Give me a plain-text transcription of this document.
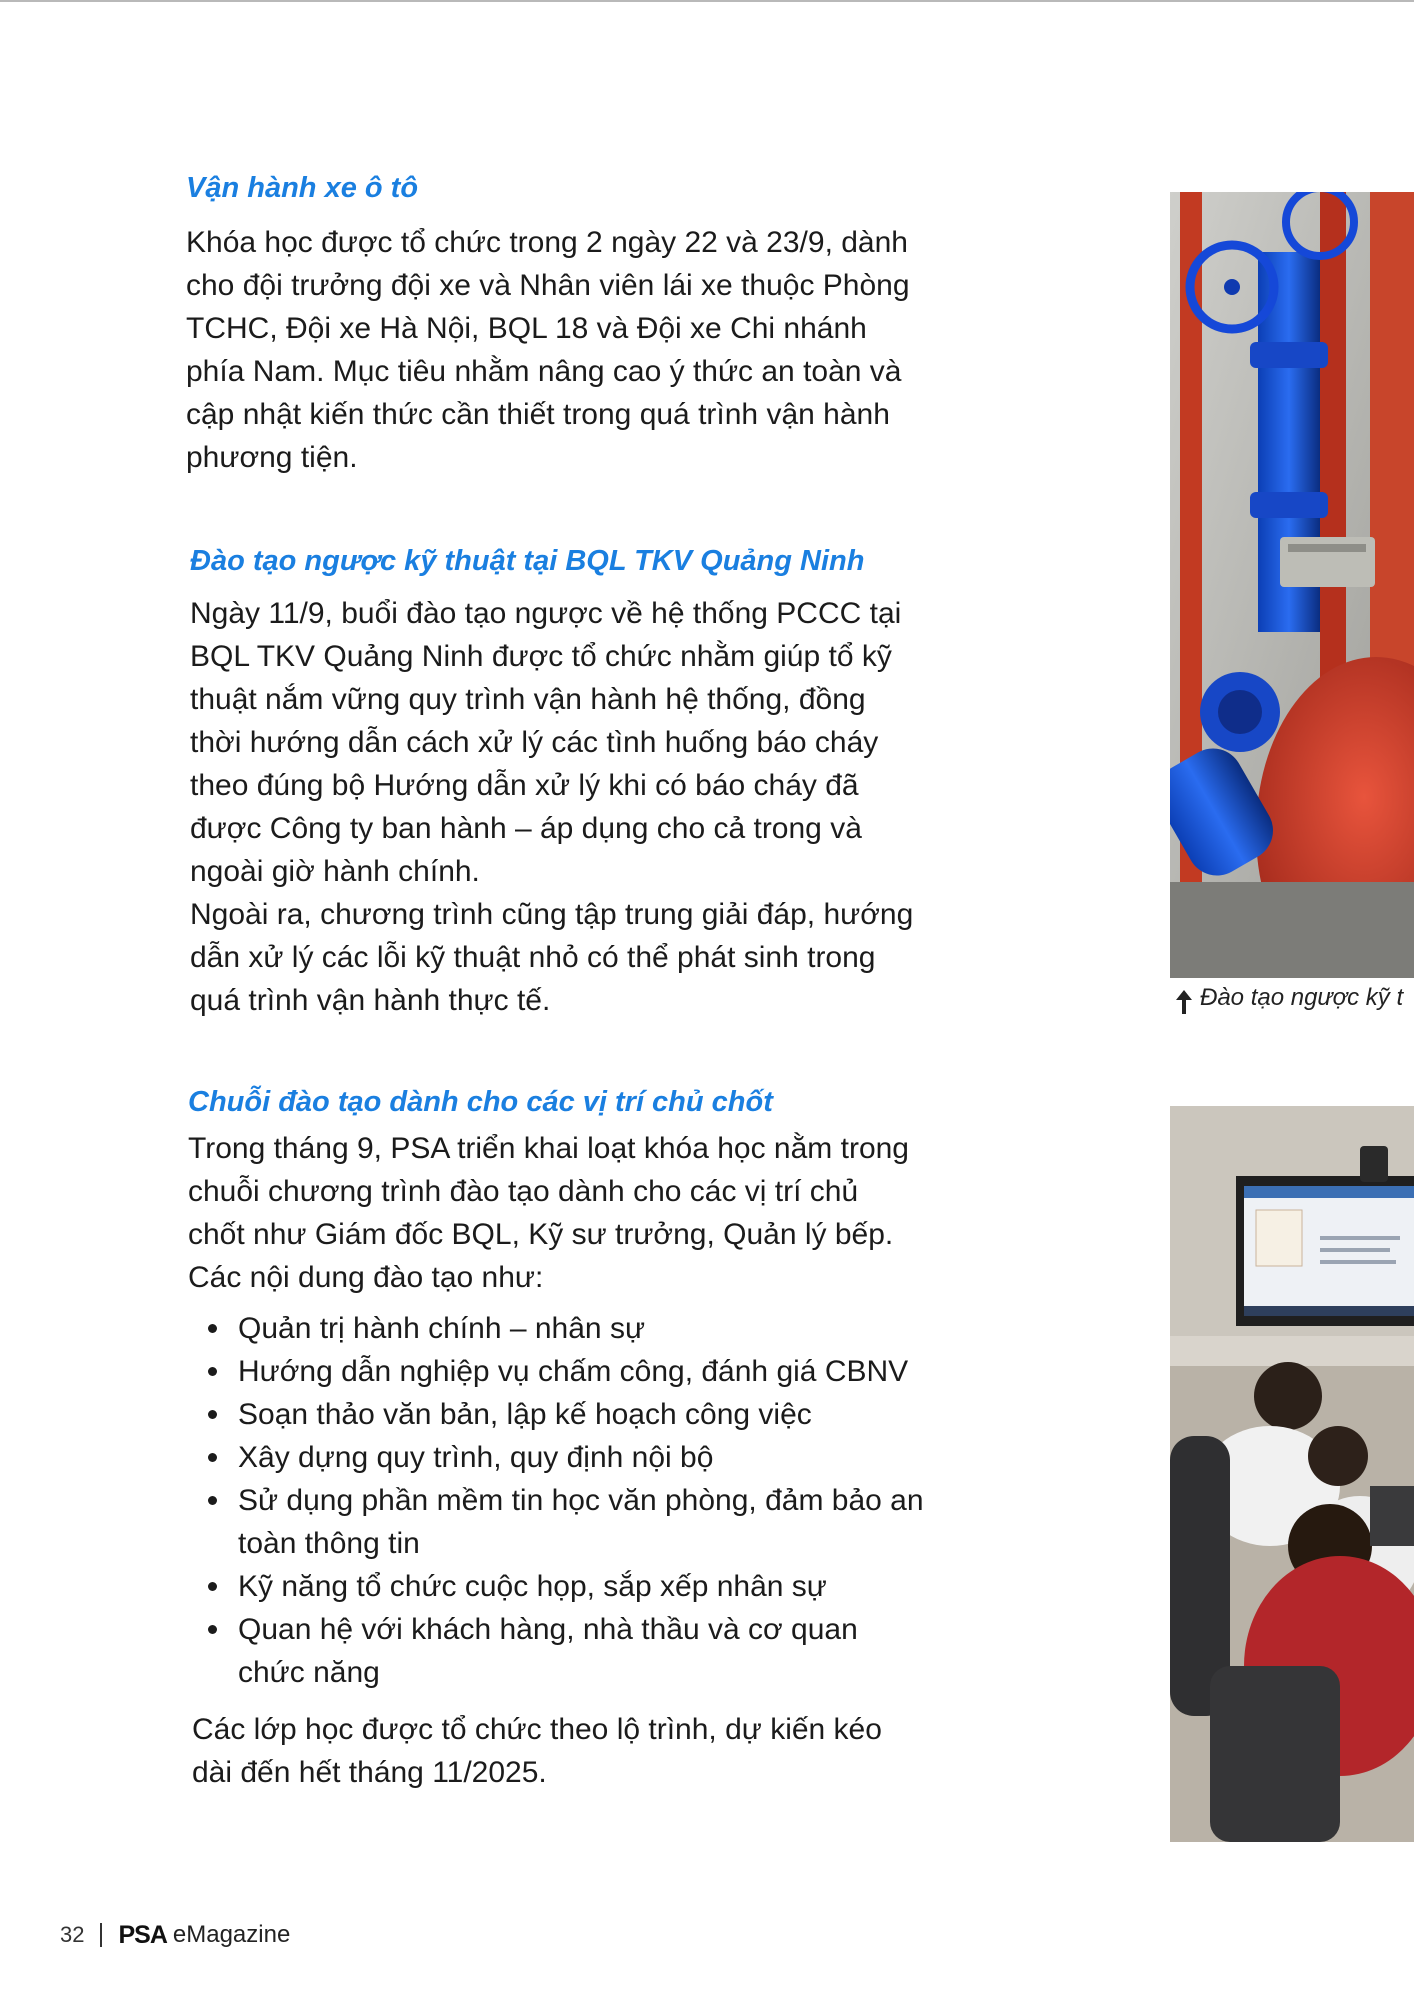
Vận hành xe ô tô

Khóa học được tổ chức trong 2 ngày 22 và 23/9, dành

cho đội trưởng đội xe và Nhân viên lái xe thuộc Phòng

TCHC, Đội xe Hà Nội, BQL 18 và Đội xe Chi nhánh

phía Nam. Mục tiêu nhằm nâng cao ý thức an toàn và

cập nhật kiến thức cần thiết trong quá trình vận hành

phương tiện.

Đào tạo ngược kỹ thuật tại BQL TKV Quảng Ninh

Ngày 11/9, buổi đào tạo ngược về hệ thống PCCC tại

BQL TKV Quảng Ninh được tổ chức nhằm giúp tổ kỹ

thuật nắm vững quy trình vận hành hệ thống, đồng

thời hướng dẫn cách xử lý các tình huống báo cháy

theo đúng bộ Hướng dẫn xử lý khi có báo cháy đã

được Công ty ban hành – áp dụng cho cả trong và

ngoài giờ hành chính.

Ngoài ra, chương trình cũng tập trung giải đáp, hướng

dẫn xử lý các lỗi kỹ thuật nhỏ có thể phát sinh trong

quá trình vận hành thực tế.

Chuỗi đào tạo dành cho các vị trí chủ chốt

Trong tháng 9, PSA triển khai loạt khóa học nằm trong

chuỗi chương trình đào tạo dành cho các vị trí chủ

chốt như Giám đốc BQL, Kỹ sư trưởng, Quản lý bếp.

Các nội dung đào tạo như:

Quản trị hành chính – nhân sự
Hướng dẫn nghiệp vụ chấm công, đánh giá CBNV
Soạn thảo văn bản, lập kế hoạch công việc
Xây dựng quy trình, quy định nội bộ
Sử dụng phần mềm tin học văn phòng, đảm bảo an
toàn thông tin
Kỹ năng tổ chức cuộc họp, sắp xếp nhân sự
Quan hệ với khách hàng, nhà thầu và cơ quan
chức năng

Các lớp học được tổ chức theo lộ trình, dự kiến kéo

dài đến hết tháng 11/2025.

Đào tạo ngược kỹ t
32 PSA eMagazine
